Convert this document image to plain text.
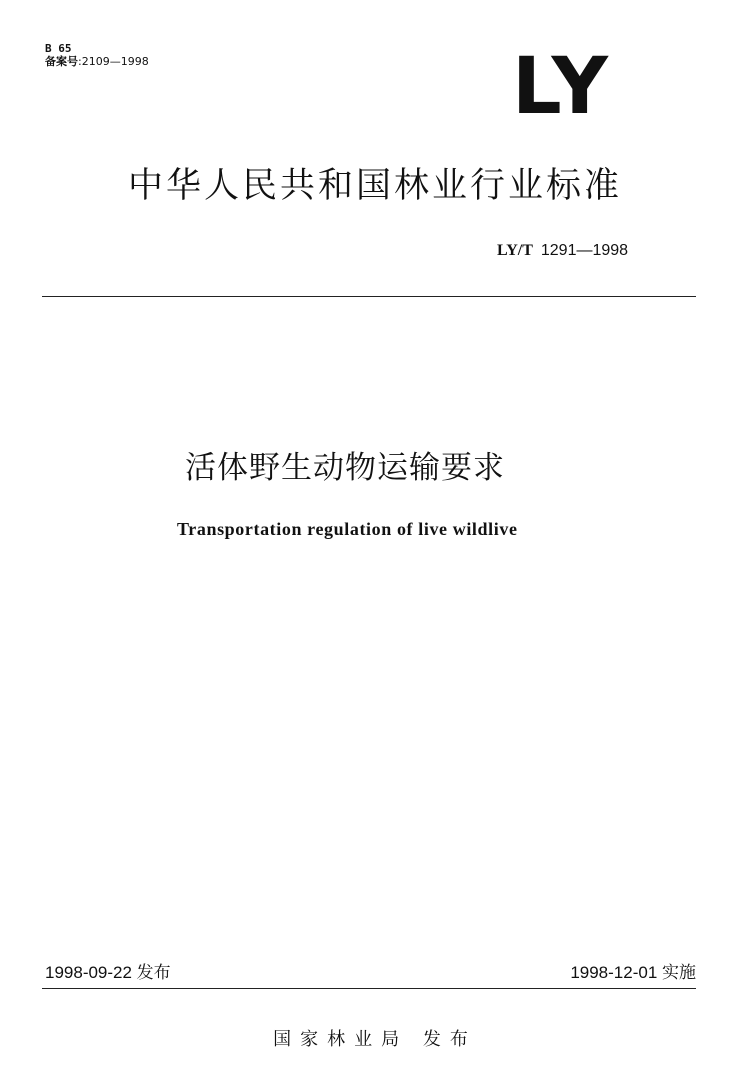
B 65
备案号:2109—1998	LY
中华人民共和国林业行业标准
LY/T 1291—1998
活体野生动物运输要求
Transportation regulation of live wildlive
1998-09-22 发布	1998-12-01 实施
国家林业局 发布
